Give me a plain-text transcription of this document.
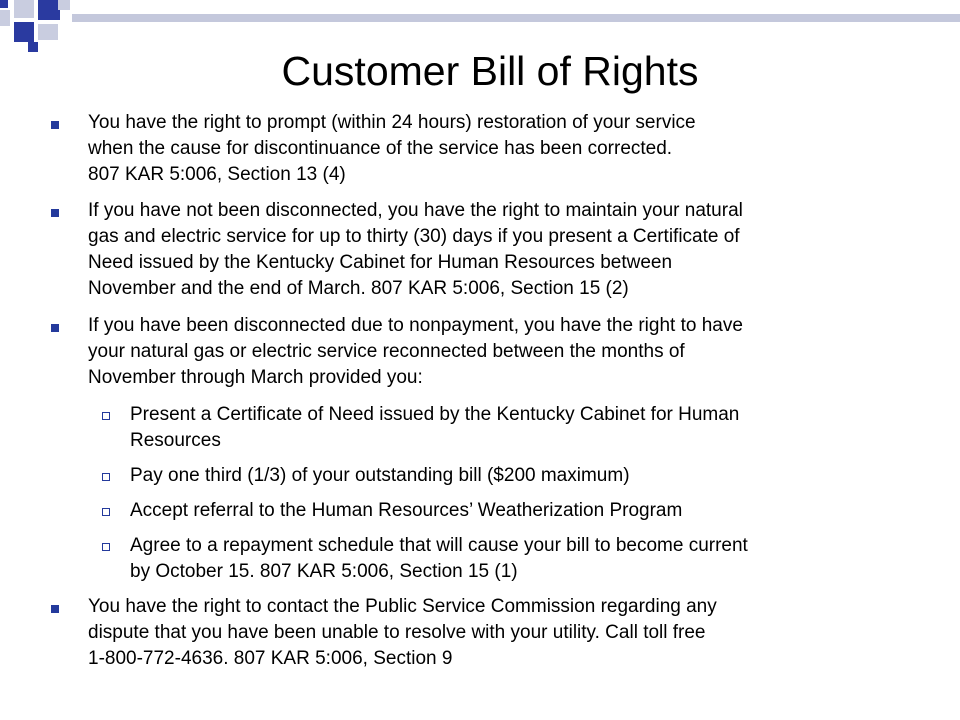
Customer Bill of Rights
You have the right to prompt (within 24 hours) restoration of your service
when the cause for discontinuance of the service has been corrected.
807 KAR 5:006, Section 13 (4)
If you have not been disconnected, you have the right to maintain your natural
gas and electric service for up to thirty (30) days if you present a Certificate of
Need issued by the Kentucky Cabinet for Human Resources between
November and the end of March. 807 KAR 5:006, Section 15 (2)
If you have been disconnected due to nonpayment, you have the right to have
your natural gas or electric service reconnected between the months of
November through March provided you:
Present a Certificate of Need issued by the Kentucky Cabinet for Human
Resources
Pay one third (1/3) of your outstanding bill ($200 maximum)
Accept referral to the Human Resources’ Weatherization Program
Agree to a repayment schedule that will cause your bill to become current
by October 15. 807 KAR 5:006, Section 15 (1)
You have the right to contact the Public Service Commission regarding any
dispute that you have been unable to resolve with your utility. Call toll free
1-800-772-4636. 807 KAR 5:006, Section 9
